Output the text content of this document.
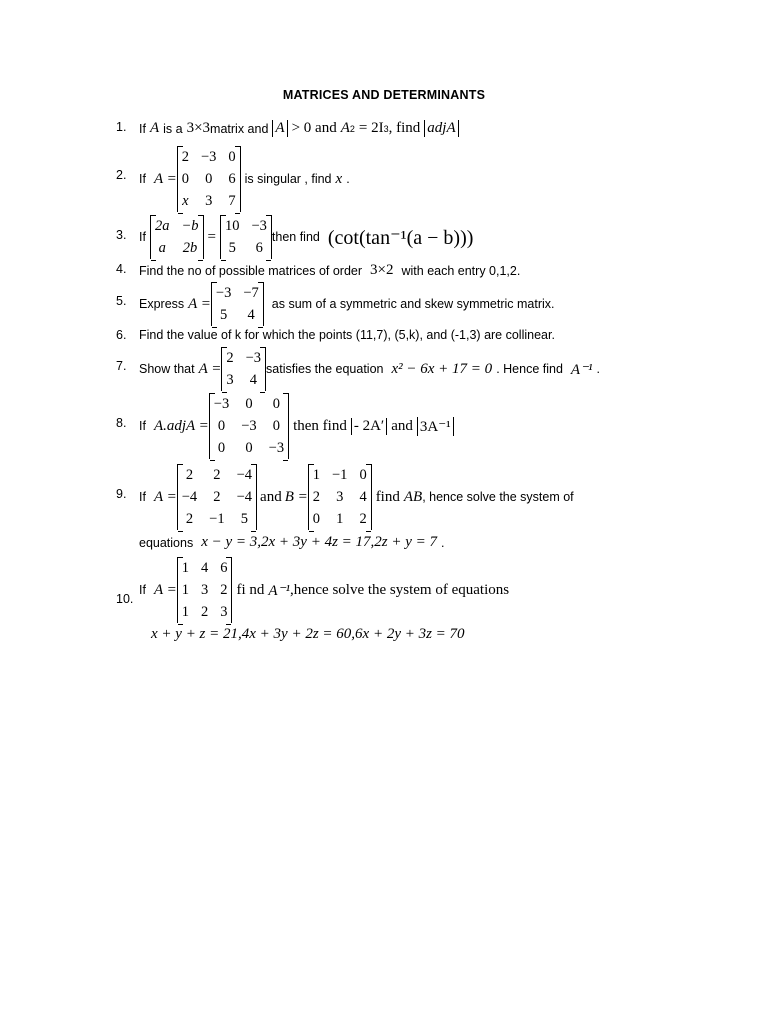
MATRICES AND DETERMINANTS
1.	If A is a 3×3 matrix and A > 0 and A 2 = 2I 3 , find adjA
2.	If A =
2 −3 0
0 0 6
x 3 7
is singular , find x .
3.	If
2a −b
a 2b
=
10 −3
5 6
then find (cot(tan⁻¹(a − b)))
4.	Find the no of possible matrices of order 3×2 with each entry 0,1,2.
5.	Express A =
−3 −7
5 4
as sum of a symmetric and skew symmetric matrix.
6.	Find the value of k for which the points (11,7), (5,k), and (-1,3) are collinear.
7.	Show that A =
2 −3
3 4
satisfies the equation x² − 6x + 17 = 0 . Hence find A⁻¹ .
8.	If A.adjA =
−3 0 0
0 −3 0
0 0 −3
then find - 2A′ and 3A⁻¹
9.	If A =
2 2 −4
−4 2 −4
2 −1 5
and B =
1 −1 0
2 3 4
0 1 2
find AB , hence solve the system of
equations x − y = 3,2x + 3y + 4z = 17,2z + y = 7 .
10.
If A =
1 4 6
1 3 2
1 2 3
fi nd A⁻¹ ,hence solve the system of equations
x + y + z = 21,4x + 3y + 2z = 60,6x + 2y + 3z = 70
